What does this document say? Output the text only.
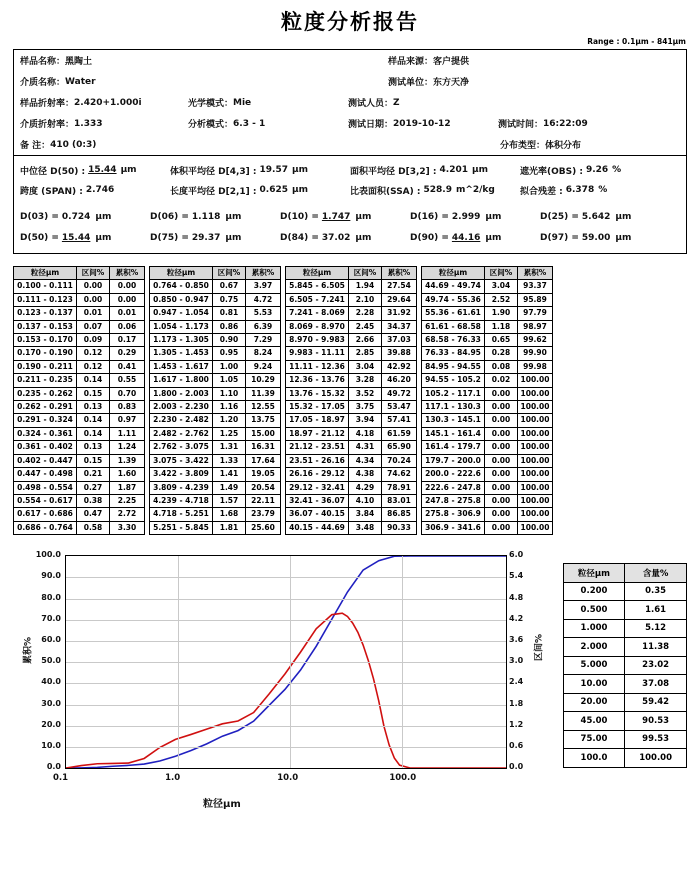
粒度分析报告
Range : 0.1μm - 841μm
样品名称： 黑陶土	样品来源： 客户提供
介质名称： Water	测试单位： 东方天净
样品折射率： 2.420+1.000i	光学模式： Mie	测试人员： Z
介质折射率： 1.333	分析模式： 6.3 - 1	测试日期： 2019-10-12	测试时间： 16:22:09
备 注： 410 (0:3)	分布类型： 体积分布
中位径 D(50) : 15.44 μm	体积平均径 D[4,3] : 19.57 μm	面积平均径 D[3,2] : 4.201 μm	遮光率(OBS) : 9.26 %
跨度 (SPAN) : 2.746	长度平均径 D[2,1] : 0.625 μm	比表面积(SSA) : 528.9 m^2/kg	拟合残差 : 6.378 %
D(03) = 0.724 μm	D(06) = 1.118 μm	D(10) = 1.747 μm	D(16) = 2.999 μm	D(25) = 5.642 μm
D(50) = 15.44 μm	D(75) = 29.37 μm	D(84) = 37.02 μm	D(90) = 44.16 μm	D(97) = 59.00 μm
粒径μm	区间%	累积%
0.100 - 0.111	0.00	0.00
0.111 - 0.123	0.00	0.00
0.123 - 0.137	0.01	0.01
0.137 - 0.153	0.07	0.06
0.153 - 0.170	0.09	0.17
0.170 - 0.190	0.12	0.29
0.190 - 0.211	0.12	0.41
0.211 - 0.235	0.14	0.55
0.235 - 0.262	0.15	0.70
0.262 - 0.291	0.13	0.83
0.291 - 0.324	0.14	0.97
0.324 - 0.361	0.14	1.11
0.361 - 0.402	0.13	1.24
0.402 - 0.447	0.15	1.39
0.447 - 0.498	0.21	1.60
0.498 - 0.554	0.27	1.87
0.554 - 0.617	0.38	2.25
0.617 - 0.686	0.47	2.72
0.686 - 0.764	0.58	3.30
粒径μm	区间%	累积%
0.764 - 0.850	0.67	3.97
0.850 - 0.947	0.75	4.72
0.947 - 1.054	0.81	5.53
1.054 - 1.173	0.86	6.39
1.173 - 1.305	0.90	7.29
1.305 - 1.453	0.95	8.24
1.453 - 1.617	1.00	9.24
1.617 - 1.800	1.05	10.29
1.800 - 2.003	1.10	11.39
2.003 - 2.230	1.16	12.55
2.230 - 2.482	1.20	13.75
2.482 - 2.762	1.25	15.00
2.762 - 3.075	1.31	16.31
3.075 - 3.422	1.33	17.64
3.422 - 3.809	1.41	19.05
3.809 - 4.239	1.49	20.54
4.239 - 4.718	1.57	22.11
4.718 - 5.251	1.68	23.79
5.251 - 5.845	1.81	25.60
粒径μm	区间%	累积%
5.845 - 6.505	1.94	27.54
6.505 - 7.241	2.10	29.64
7.241 - 8.069	2.28	31.92
8.069 - 8.970	2.45	34.37
8.970 - 9.983	2.66	37.03
9.983 - 11.11	2.85	39.88
11.11 - 12.36	3.04	42.92
12.36 - 13.76	3.28	46.20
13.76 - 15.32	3.52	49.72
15.32 - 17.05	3.75	53.47
17.05 - 18.97	3.94	57.41
18.97 - 21.12	4.18	61.59
21.12 - 23.51	4.31	65.90
23.51 - 26.16	4.34	70.24
26.16 - 29.12	4.38	74.62
29.12 - 32.41	4.29	78.91
32.41 - 36.07	4.10	83.01
36.07 - 40.15	3.84	86.85
40.15 - 44.69	3.48	90.33
粒径μm	区间%	累积%
44.69 - 49.74	3.04	93.37
49.74 - 55.36	2.52	95.89
55.36 - 61.61	1.90	97.79
61.61 - 68.58	1.18	98.97
68.58 - 76.33	0.65	99.62
76.33 - 84.95	0.28	99.90
84.95 - 94.55	0.08	99.98
94.55 - 105.2	0.02	100.00
105.2 - 117.1	0.00	100.00
117.1 - 130.3	0.00	100.00
130.3 - 145.1	0.00	100.00
145.1 - 161.4	0.00	100.00
161.4 - 179.7	0.00	100.00
179.7 - 200.0	0.00	100.00
200.0 - 222.6	0.00	100.00
222.6 - 247.8	0.00	100.00
247.8 - 275.8	0.00	100.00
275.8 - 306.9	0.00	100.00
306.9 - 341.6	0.00	100.00
0.0
10.0
20.0
30.0
40.0
50.0
60.0
70.0
80.0
90.0
100.0
0.0
0.6
1.2
1.8
2.4
3.0
3.6
4.2
4.8
5.4
6.0
0.1	1.0	10.0	100.0
累积%	区间%
粒径μm
粒径μm	含量%
0.200	0.35
0.500	1.61
1.000	5.12
2.000	11.38
5.000	23.02
10.00	37.08
20.00	59.42
45.00	90.53
75.00	99.53
100.0	100.00
